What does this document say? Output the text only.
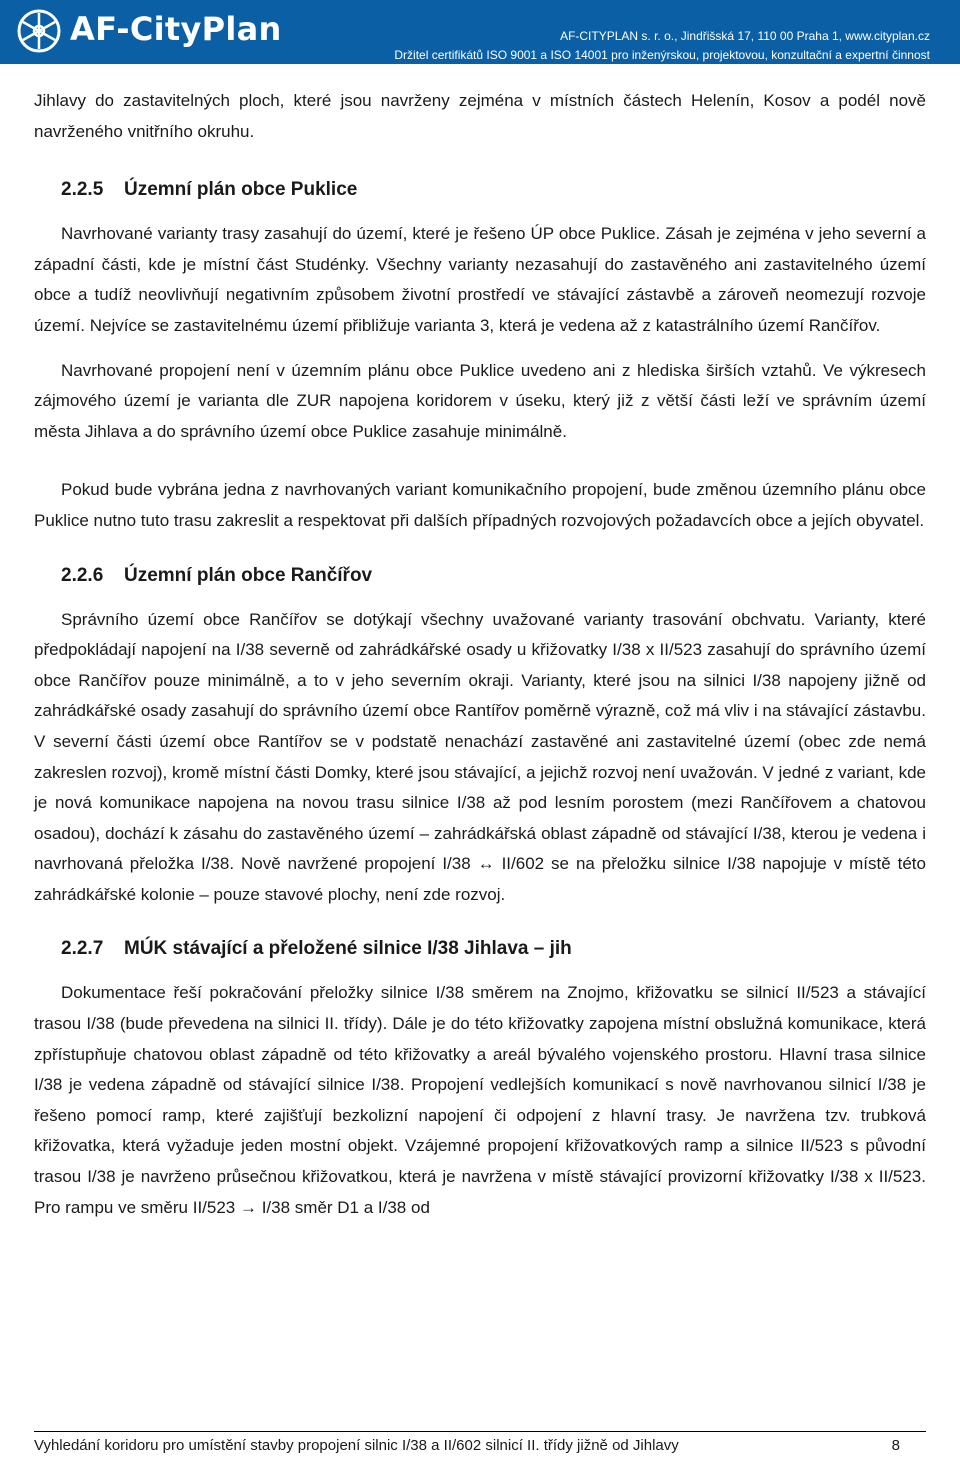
AF-CityPlan	AF-CITYPLAN s. r. o., Jindřišská 17, 110 00 Praha 1, www.cityplan.cz
Držitel certifikátů ISO 9001 a ISO 14001 pro inženýrskou, projektovou, konzultační a expertní činnost

Jihlavy do zastavitelných ploch, které jsou navrženy zejména v místních částech Helenín, Kosov a podél nově navrženého vnitřního okruhu.

2.2.5 Územní plán obce Puklice

Navrhované varianty trasy zasahují do území, které je řešeno ÚP obce Puklice. Zásah je zejména v jeho severní a západní části, kde je místní část Studénky. Všechny varianty nezasahují do zastavěného ani zastavitelného území obce a tudíž neovlivňují negativním způsobem životní prostředí ve stávající zástavbě a zároveň neomezují rozvoje území. Nejvíce se zastavitelnému území přibližuje varianta 3, která je vedena až z katastrálního území Rančířov.

Navrhované propojení není v územním plánu obce Puklice uvedeno ani z hlediska širších vztahů. Ve výkresech zájmového území je varianta dle ZUR napojena koridorem v úseku, který již z větší části leží ve správním území města Jihlava a do správního území obce Puklice zasahuje minimálně.

Pokud bude vybrána jedna z navrhovaných variant komunikačního propojení, bude změnou územního plánu obce Puklice nutno tuto trasu zakreslit a respektovat při dalších případných rozvojových požadavcích obce a jejích obyvatel.

2.2.6 Územní plán obce Rančířov

Správního území obce Rančířov se dotýkají všechny uvažované varianty trasování obchvatu. Varianty, které předpokládají napojení na I/38 severně od zahrádkářské osady u křižovatky I/38 x II/523 zasahují do správního území obce Rančířov pouze minimálně, a to v jeho severním okraji. Varianty, které jsou na silnici I/38 napojeny jižně od zahrádkářské osady zasahují do správního území obce Rantířov poměrně výrazně, což má vliv i na stávající zástavbu. V severní části území obce Rantířov se v podstatě nenachází zastavěné ani zastavitelné území (obec zde nemá zakreslen rozvoj), kromě místní části Domky, které jsou stávající, a jejichž rozvoj není uvažován. V jedné z variant, kde je nová komunikace napojena na novou trasu silnice I/38 až pod lesním porostem (mezi Rančířovem a chatovou osadou), dochází k zásahu do zastavěného území – zahrádkářská oblast západně od stávající I/38, kterou je vedena i navrhovaná přeložka I/38. Nově navržené propojení I/38 ↔ II/602 se na přeložku silnice I/38 napojuje v místě této zahrádkářské kolonie – pouze stavové plochy, není zde rozvoj.

2.2.7 MÚK stávající a přeložené silnice I/38 Jihlava – jih

Dokumentace řeší pokračování přeložky silnice I/38 směrem na Znojmo, křižovatku se silnicí II/523 a stávající trasou I/38 (bude převedena na silnici II. třídy). Dále je do této křižovatky zapojena místní obslužná komunikace, která zpřístupňuje chatovou oblast západně od této křižovatky a areál bývalého vojenského prostoru. Hlavní trasa silnice I/38 je vedena západně od stávající silnice I/38. Propojení vedlejších komunikací s nově navrhovanou silnicí I/38 je řešeno pomocí ramp, které zajišťují bezkolizní napojení či odpojení z hlavní trasy. Je navržena tzv. trubková křižovatka, která vyžaduje jeden mostní objekt. Vzájemné propojení křižovatkových ramp a silnice II/523 s původní trasou I/38 je navrženo průsečnou křižovatkou, která je navržena v místě stávající provizorní křižovatky I/38 x II/523. Pro rampu ve směru II/523 → I/38 směr D1 a I/38 od

Vyhledání koridoru pro umístění stavby propojení silnic I/38 a II/602 silnicí II. třídy jižně od Jihlavy	8
